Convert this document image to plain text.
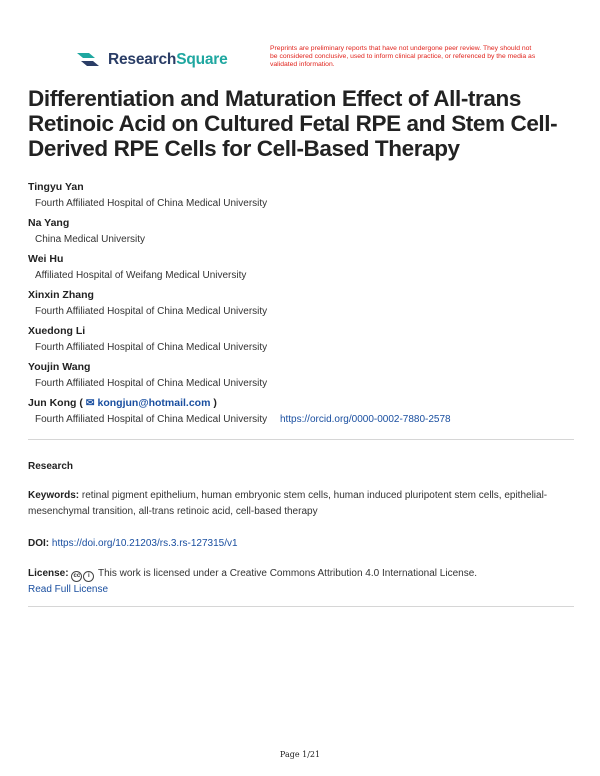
ResearchSquare
Preprints are preliminary reports that have not undergone peer review. They should not be considered conclusive, used to inform clinical practice, or referenced by the media as validated information.
Differentiation and Maturation Effect of All-trans Retinoic Acid on Cultured Fetal RPE and Stem Cell-Derived RPE Cells for Cell-Based Therapy
Tingyu Yan
Fourth Affiliated Hospital of China Medical University
Na Yang
China Medical University
Wei Hu
Affiliated Hospital of Weifang Medical University
Xinxin Zhang
Fourth Affiliated Hospital of China Medical University
Xuedong Li
Fourth Affiliated Hospital of China Medical University
Youjin Wang
Fourth Affiliated Hospital of China Medical University
Jun Kong ( ✉ kongjun@hotmail.com )
Fourth Affiliated Hospital of China Medical University https://orcid.org/0000-0002-7880-2578
Research
Keywords: retinal pigment epithelium, human embryonic stem cells, human induced pluripotent stem cells, epithelial-mesenchymal transition, all-trans retinoic acid, cell-based therapy
DOI: https://doi.org/10.21203/rs.3.rs-127315/v1
License: cc i This work is licensed under a Creative Commons Attribution 4.0 International License.
Read Full License
Page 1/21
